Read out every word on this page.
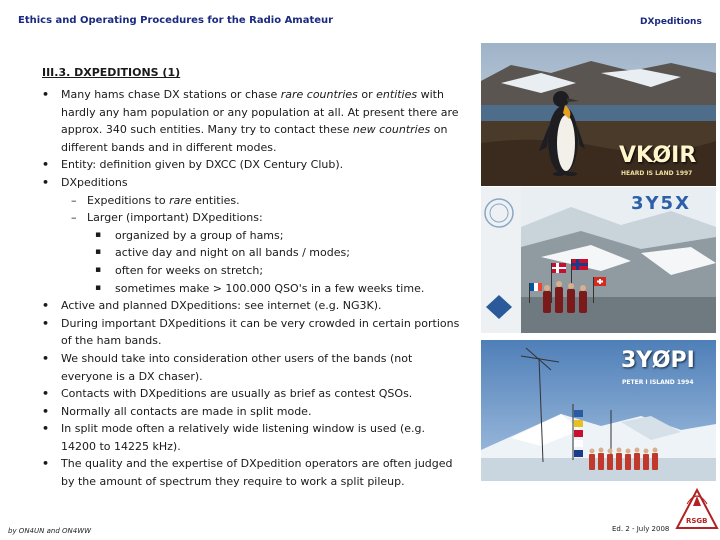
Ethics and Operating Procedures for the Radio Amateur	DXpeditions
III.3. DXPEDITIONS (1)
• Many hams chase DX stations or chase rare countries or entities with hardly any ham population or any population at all. At present there are approx. 340 such entities. Many try to contact these new countries on different bands and in different modes.
• Entity: definition given by DXCC (DX Century Club).
• DXpeditions
– Expeditions to rare entities.
– Larger (important) DXpeditions:
▪ organized by a group of hams;
▪ active day and night on all bands / modes;
▪ often for weeks on stretch;
▪ sometimes make > 100.000 QSO's in a few weeks time.
• Active and planned DXpeditions: see internet (e.g. NG3K).
• During important DXpeditions it can be very crowded in certain portions of the ham bands.
• We should take into consideration other users of the bands (not everyone is a DX chaser).
• Contacts with DXpeditions are usually as brief as contest QSOs.
• Normally all contacts are made in split mode.
• In split mode often a relatively wide listening window is used (e.g. 14200 to 14225 kHz).
• The quality and the expertise of DXpedition operators are often judged by the amount of spectrum they require to work a split pileup.
VKØIR
HEARD IS LAND 1997
3Y5X
3YØPI
PETER I ISLAND 1994
RSGB
by ON4UN and ON4WW	Ed. 2 - July 2008
